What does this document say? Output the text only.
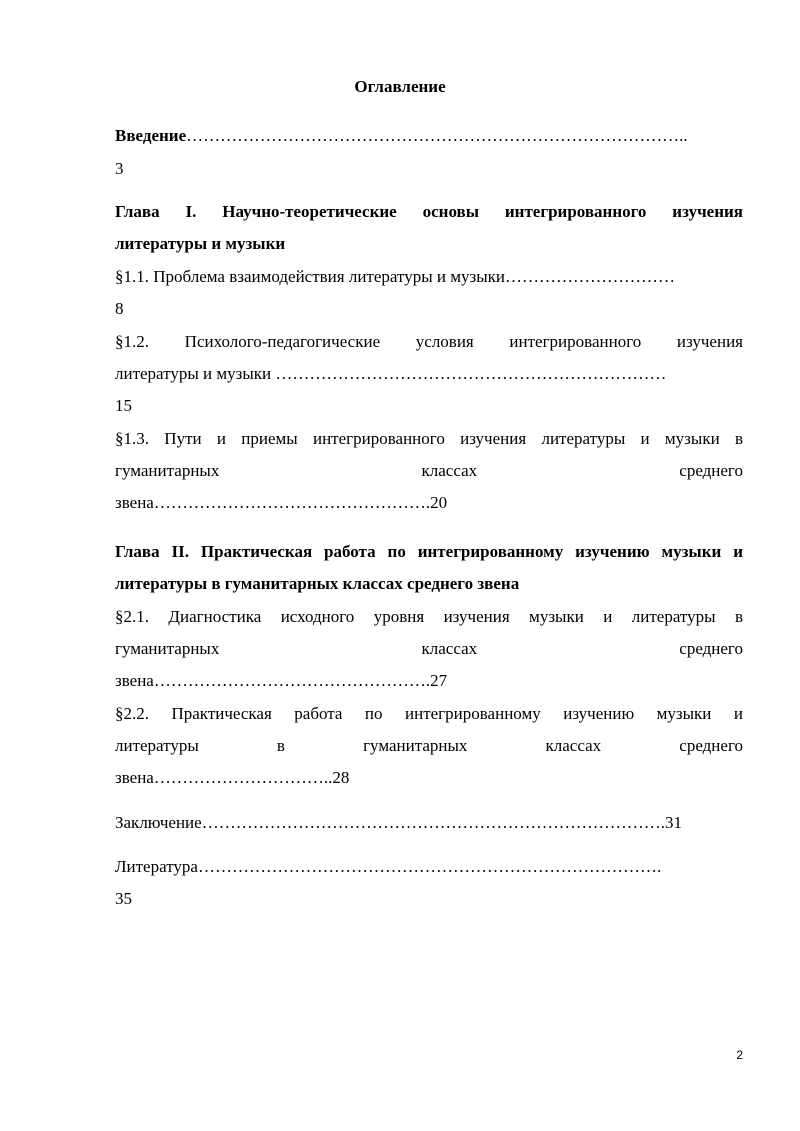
Оглавление
Введение……………………………………………………………………………..
3
Глава I. Научно-теоретические основы интегрированного изучения
литературы и музыки
§1.1. Проблема взаимодействия литературы и музыки…………………………
8
§1.2. Психолого-педагогические условия интегрированного изучения
литературы и музыки ……………………………………………………………
15
§1.3. Пути и приемы интегрированного изучения литературы и музыки в
гуманитарных классах среднего
звена………………………………………….20
Глава II. Практическая работа по интегрированному изучению музыки и
литературы в гуманитарных классах среднего звена
§2.1. Диагностика исходного уровня изучения музыки и литературы в
гуманитарных классах среднего
звена………………………………………….27
§2.2. Практическая работа по интегрированному изучению музыки и
литературы в гуманитарных классах среднего
звена…………………………..28
Заключение……………………………………………………………………….31
Литература……………………………………………………………………….
35
2
